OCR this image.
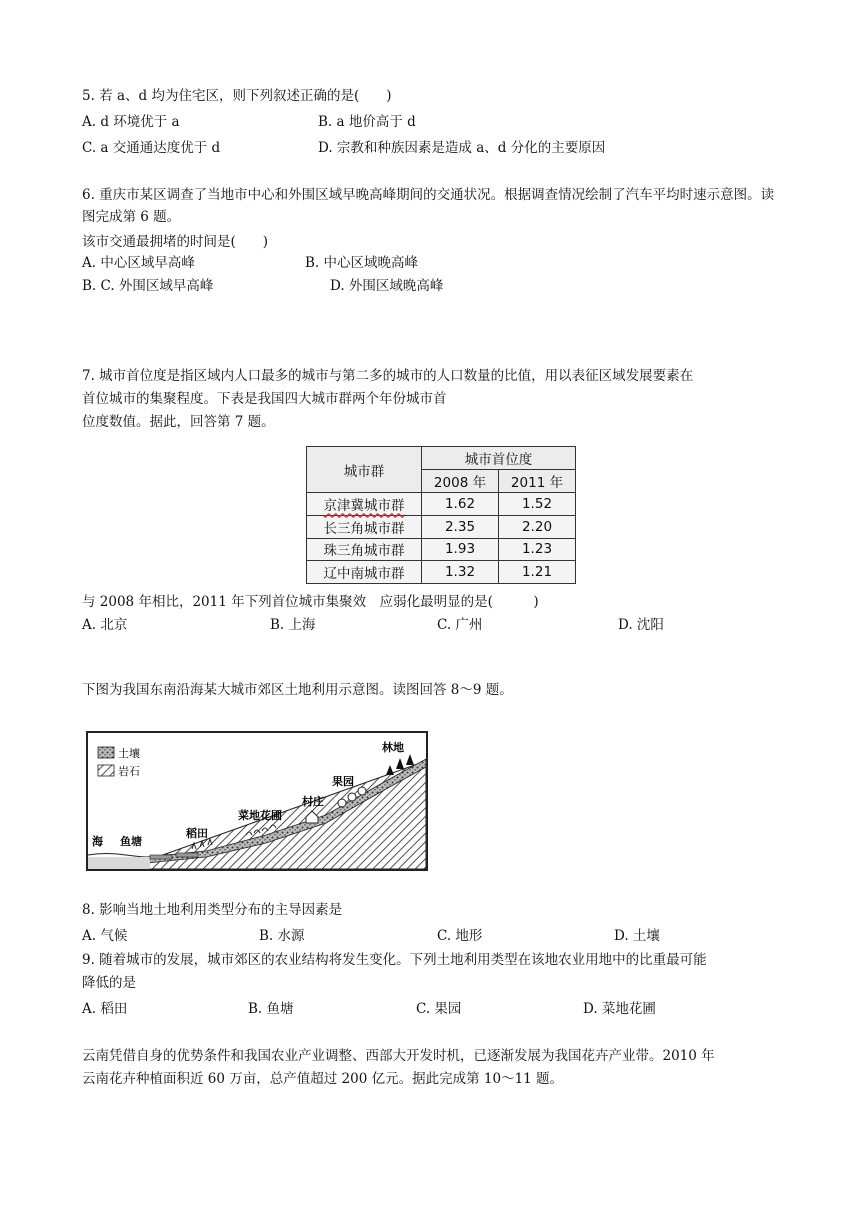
5. 若 a、d 均为住宅区，则下列叙述正确的是(　　)
A. d 环境优于 a	B. a 地价高于 d
C. a 交通通达度优于 d	D. 宗教和种族因素是造成 a、d 分化的主要原因
6. 重庆市某区调查了当地市中心和外围区域早晚高峰期间的交通状况。根据调查情况绘制了汽车平均时速示意图。读图完成第 6 题。
该市交通最拥堵的时间是(　　)
A. 中心区域早高峰	B. 中心区域晚高峰
B. C. 外围区域早高峰	D. 外围区域晚高峰
7. 城市首位度是指区域内人口最多的城市与第二多的城市的人口数量的比值，用以表征区域发展要素在
首位城市的集聚程度。下表是我国四大城市群两个年份城市首
位度数值。据此，回答第 7 题。
城市群	城市首位度	
	2008 年	2011 年
京津冀城市群	1.62	1.52
长三角城市群	2.35	2.20
珠三角城市群	1.93	1.23
辽中南城市群	1.32	1.21
与 2008 年相比，2011 年下列首位城市集聚效　应弱化最明显的是(　　　)
A. 北京	B. 上海	C. 广州	D. 沈阳
下图为我国东南沿海某大城市郊区土地利用示意图。读图回答 8～9 题。
土壤
岩石
海 鱼塘
稻田
菜地花圃
村庄
果园
林地
8. 影响当地土地利用类型分布的主导因素是
A. 气候	B. 水源	C. 地形	D. 土壤
9. 随着城市的发展，城市郊区的农业结构将发生变化。下列土地利用类型在该地农业用地中的比重最可能
降低的是
A. 稻田	B. 鱼塘	C. 果园	D. 菜地花圃
云南凭借自身的优势条件和我国农业产业调整、西部大开发时机，已逐渐发展为我国花卉产业带。2010 年
云南花卉种植面积近 60 万亩，总产值超过 200 亿元。据此完成第 10～11 题。
